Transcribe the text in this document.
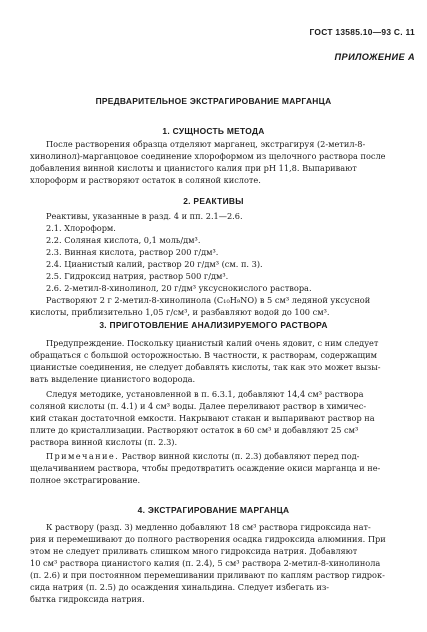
ГОСТ 13585.10—93 С. 11
ПРИЛОЖЕНИЕ А
ПРЕДВАРИТЕЛЬНОЕ ЭКСТРАГИРОВАНИЕ МАРГАНЦА
1. СУЩНОСТЬ МЕТОДА
После растворения образца отделяют марганец, экстрагируя (2-метил-8-
хинолинол)-марганцовое соединение хлороформом из щелочного раствора после
добавления винной кислоты и цианистого калия при pH 11,8. Выпаривают
хлороформ и растворяют остаток в соляной кислоте.
2. РЕАКТИВЫ
Реактивы, указанные в разд. 4 и пп. 2.1—2.6.
2.1. Хлороформ.
2.2. Соляная кислота, 0,1 моль/дм³.
2.3. Винная кислота, раствор 200 г/дм³.
2.4. Цианистый калий, раствор 20 г/дм³ (см. п. 3).
2.5. Гидроксид натрия, раствор 500 г/дм³.
2.6. 2-метил-8-хинолинол, 20 г/дм³ уксуснокислого раствора.
Растворяют 2 г 2-метил-8-хинолинола (C₁₀H₉NO) в 5 см³ ледяной уксусной
кислоты, приблизительно 1,05 г/см³, и разбавляют водой до 100 см³.
3. ПРИГОТОВЛЕНИЕ АНАЛИЗИРУЕМОГО РАСТВОРА
Предупреждение. Поскольку цианистый калий очень ядовит, с ним следует
обращаться с большой осторожностью. В частности, к растворам, содержащим
цианистые соединения, не следует добавлять кислоты, так как это может вызы-
вать выделение цианистого водорода.
Следуя методике, установленной в п. 6.3.1, добавляют 14,4 см³ раствора
соляной кислоты (п. 4.1) и 4 см³ воды. Далее переливают раствор в химичес-
кий стакан достаточной емкости. Накрывают стакан и выпаривают раствор на
плите до кристаллизации. Растворяют остаток в 60 см³ и добавляют 25 см³
раствора винной кислоты (п. 2.3).
Примечание. Раствор винной кислоты (п. 2.3) добавляют перед под-
щелачиванием раствора, чтобы предотвратить осаждение окиси марганца и не-
полное экстрагирование.
4. ЭКСТРАГИРОВАНИЕ МАРГАНЦА
К раствору (разд. 3) медленно добавляют 18 см³ раствора гидроксида нат-
рия и перемешивают до полного растворения осадка гидроксида алюминия. При
этом не следует приливать слишком много гидроксида натрия. Добавляют
10 см³ раствора цианистого калия (п. 2.4), 5 см³ раствора 2-метил-8-хинолинола
(п. 2.6) и при постоянном перемешивании приливают по каплям раствор гидрок-
сида натрия (п. 2.5) до осаждения хинальдина. Следует избегать из-
бытка гидроксида натрия.
